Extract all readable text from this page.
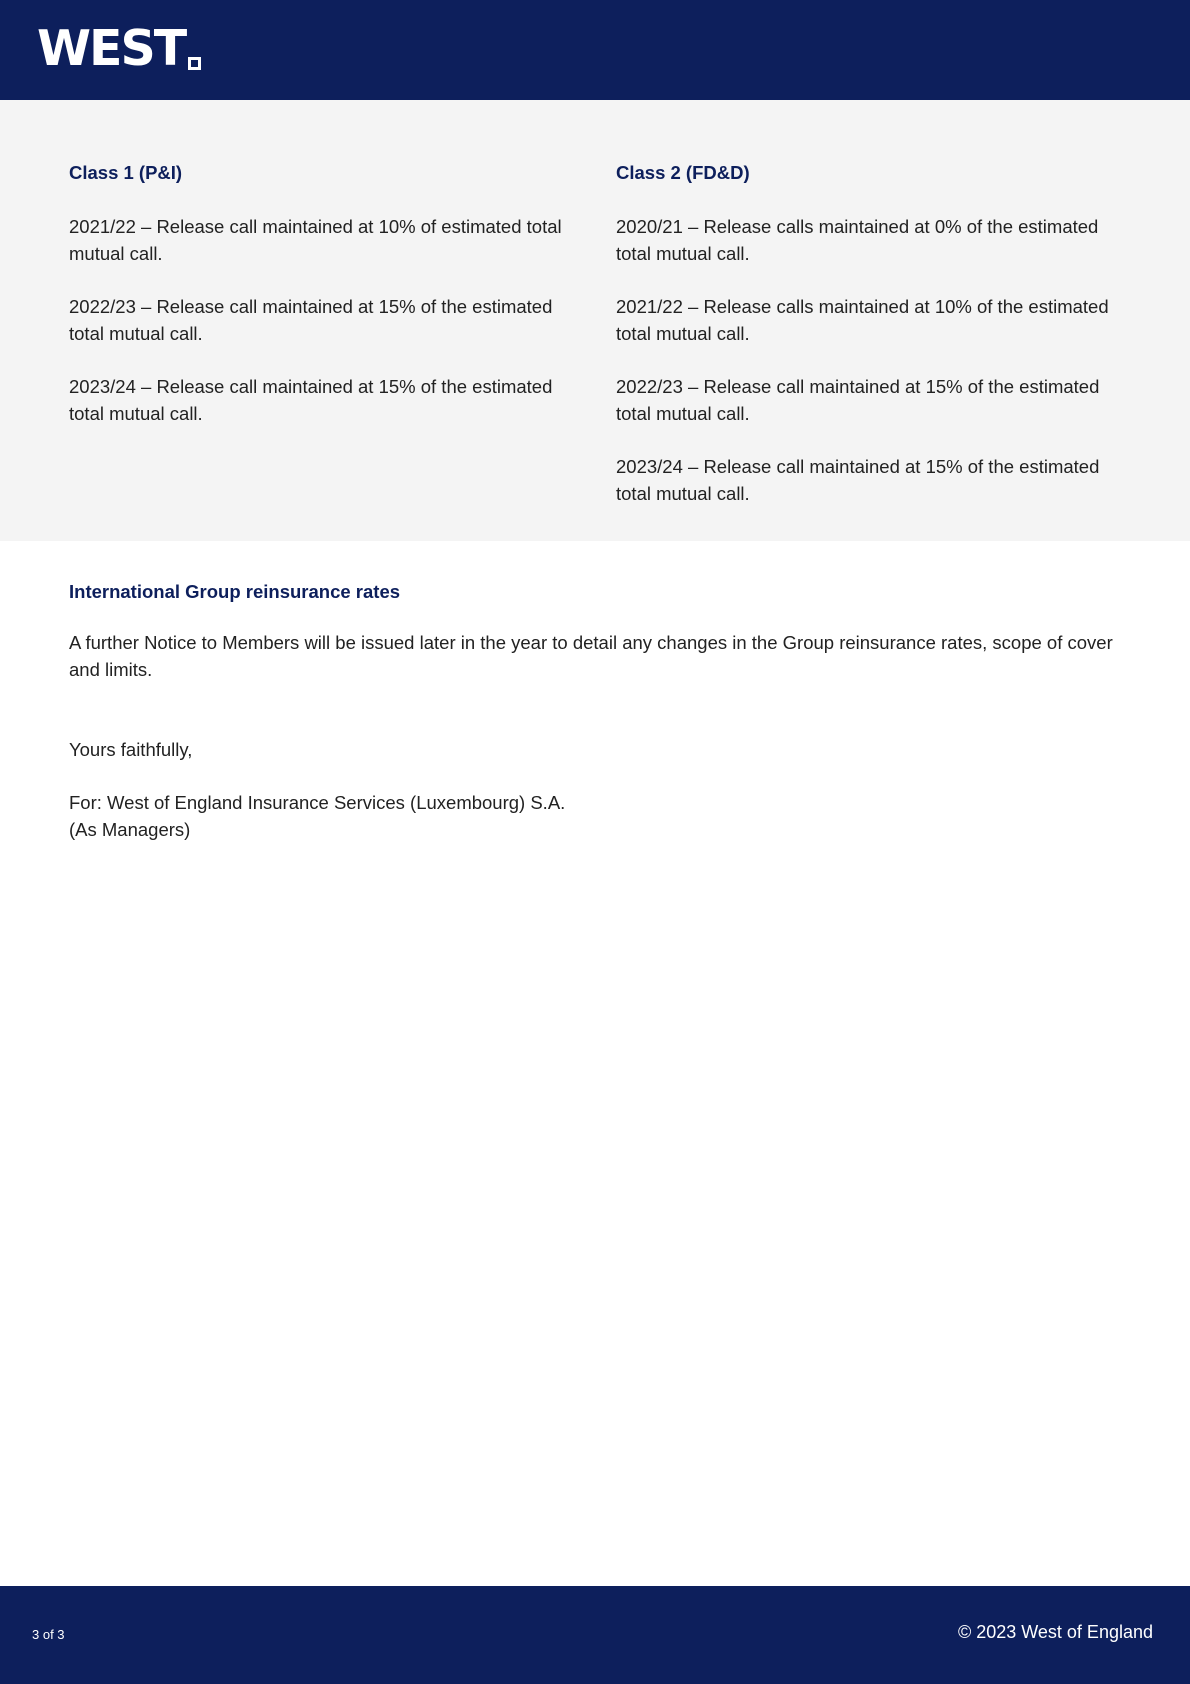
WEST
Class 1 (P&I)

2021/22 – Release call maintained at 10% of estimated total mutual call.

2022/23 – Release call maintained at 15% of the estimated total mutual call.

2023/24 – Release call maintained at 15% of the estimated total mutual call.

Class 2 (FD&D)

2020/21 – Release calls maintained at 0% of the estimated total mutual call.

2021/22 – Release calls maintained at 10% of the estimated total mutual call.

2022/23 – Release call maintained at 15% of the estimated total mutual call.

2023/24 – Release call maintained at 15% of the estimated total mutual call.

International Group reinsurance rates

A further Notice to Members will be issued later in the year to detail any changes in the Group reinsurance rates, scope of cover and limits.

Yours faithfully,

For: West of England Insurance Services (Luxembourg) S.A.

(As Managers)

3 of 3	© 2023 West of England
